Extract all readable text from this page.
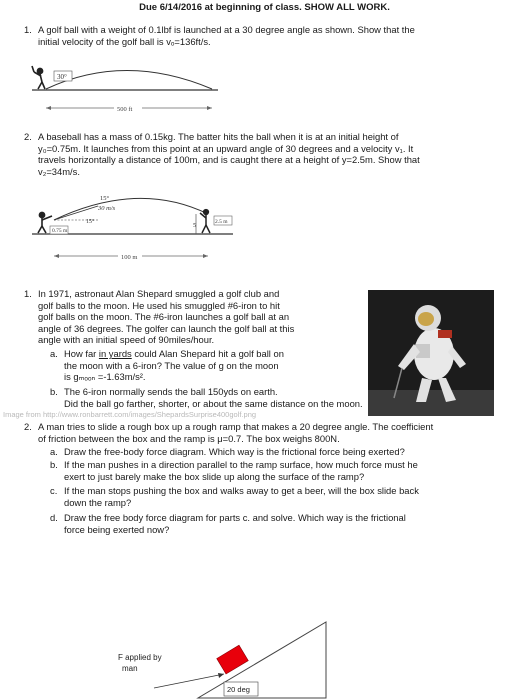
Due 6/14/2016 at beginning of class. SHOW ALL WORK.
1. A golf ball with a weight of 0.1lbf is launched at a 30 degree angle as shown. Show that the
initial velocity of the golf ball is vₒ=136ft/s.
30°
500 ft
2. A baseball has a mass of 0.15kg. The batter hits the ball when it is at an initial height of
y₀=0.75m. It launches from this point at an upward angle of 30 degrees and a velocity v₁. It
travels horizontally a distance of 100m, and is caught there at a height of y=2.5m. Show that
v₂=34m/s.
0.75 m
15°
30 m/s
15°
5
2.5 m
100 m
1. In 1971, astronaut Alan Shepard smuggled a golf club and
golf balls to the moon. He used his smuggled #6-iron to hit
golf balls on the moon. The #6-iron launches a golf ball at an
angle of 36 degrees. The golfer can launch the golf ball at this
angle with an initial speed of 90miles/hour.
a. How far in yards could Alan Shepard hit a golf ball on
the moon with a 6-iron? The value of g on the moon
is gₘₒₒₙ =-1.63m/s².
b. The 6-iron normally sends the ball 150yds on earth.
Did the ball go farther, shorter, or about the same distance on the moon.
Image from http://www.ronbarrett.com/images/ShepardsSurprise400golf.png
2. A man tries to slide a rough box up a rough ramp that makes a 20 degree angle. The coefficient
of friction between the box and the ramp is μ=0.7. The box weighs 800N.
a. Draw the free-body force diagram. Which way is the frictional force being exerted?
b. If the man pushes in a direction parallel to the ramp surface, how much force must he
exert to just barely make the box slide up along the surface of the ramp?
c. If the man stops pushing the box and walks away to get a beer, will the box slide back
down the ramp?
d. Draw the free body force diagram for parts c. and solve. Which way is the frictional
force being exerted now?
F applied by
man
20 deg
